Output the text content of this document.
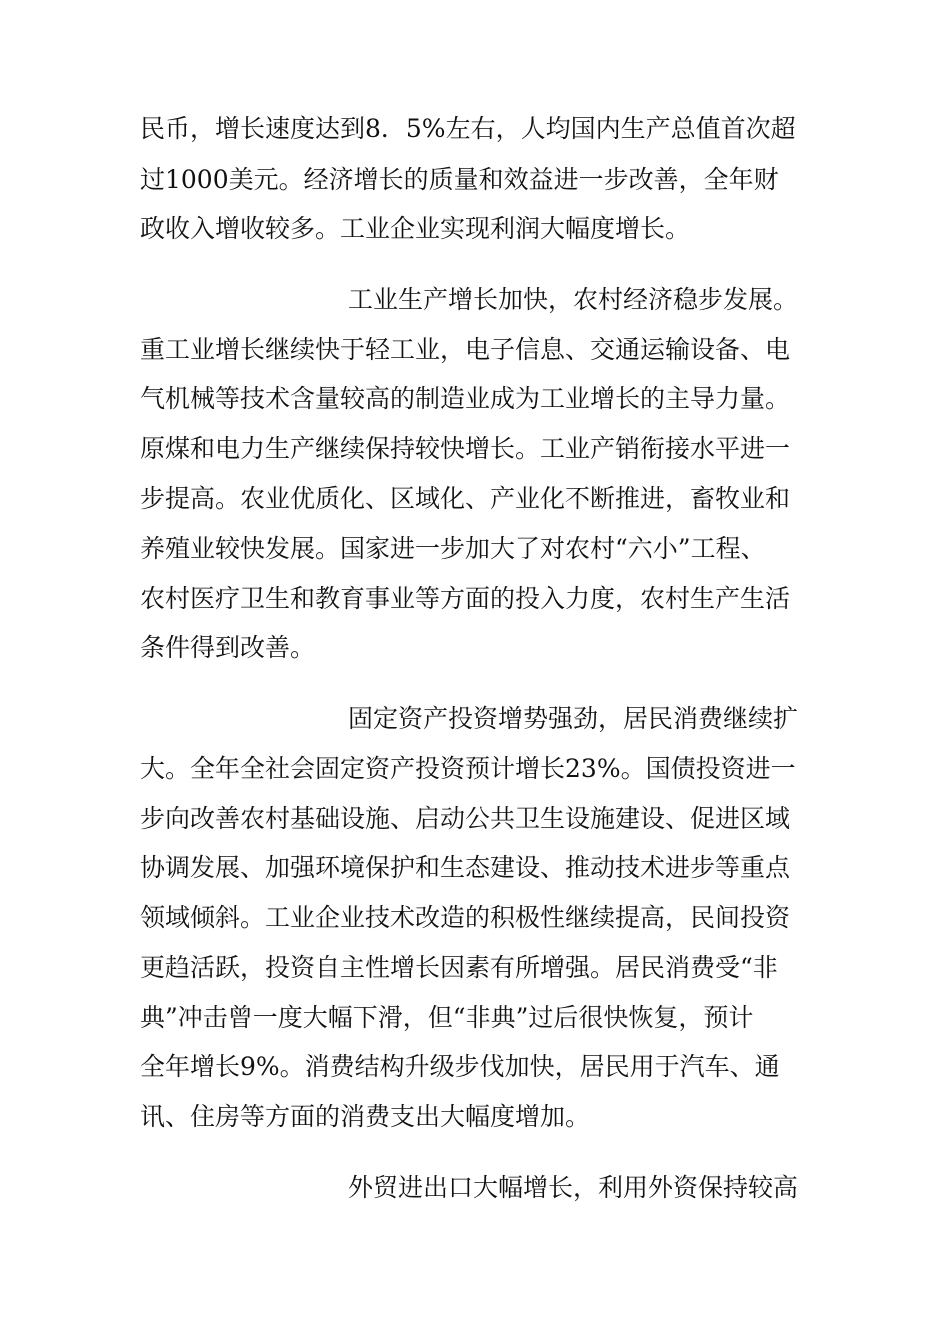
民币，增长速度达到8．5%左右，人均国内生产总值首次超
过1000美元。经济增长的质量和效益进一步改善，全年财
政收入增收较多。工业企业实现利润大幅度增长。
工业生产增长加快，农村经济稳步发展。
重工业增长继续快于轻工业，电子信息、交通运输设备、电
气机械等技术含量较高的制造业成为工业增长的主导力量。
原煤和电力生产继续保持较快增长。工业产销衔接水平进一
步提高。农业优质化、区域化、产业化不断推进，畜牧业和
养殖业较快发展。国家进一步加大了对农村“六小”工程、
农村医疗卫生和教育事业等方面的投入力度，农村生产生活
条件得到改善。
固定资产投资增势强劲，居民消费继续扩
大。全年全社会固定资产投资预计增长23%。国债投资进一
步向改善农村基础设施、启动公共卫生设施建设、促进区域
协调发展、加强环境保护和生态建设、推动技术进步等重点
领域倾斜。工业企业技术改造的积极性继续提高，民间投资
更趋活跃，投资自主性增长因素有所增强。居民消费受“非
典”冲击曾一度大幅下滑，但“非典”过后很快恢复，预计
全年增长9%。消费结构升级步伐加快，居民用于汽车、通
讯、住房等方面的消费支出大幅度增加。
外贸进出口大幅增长，利用外资保持较高
